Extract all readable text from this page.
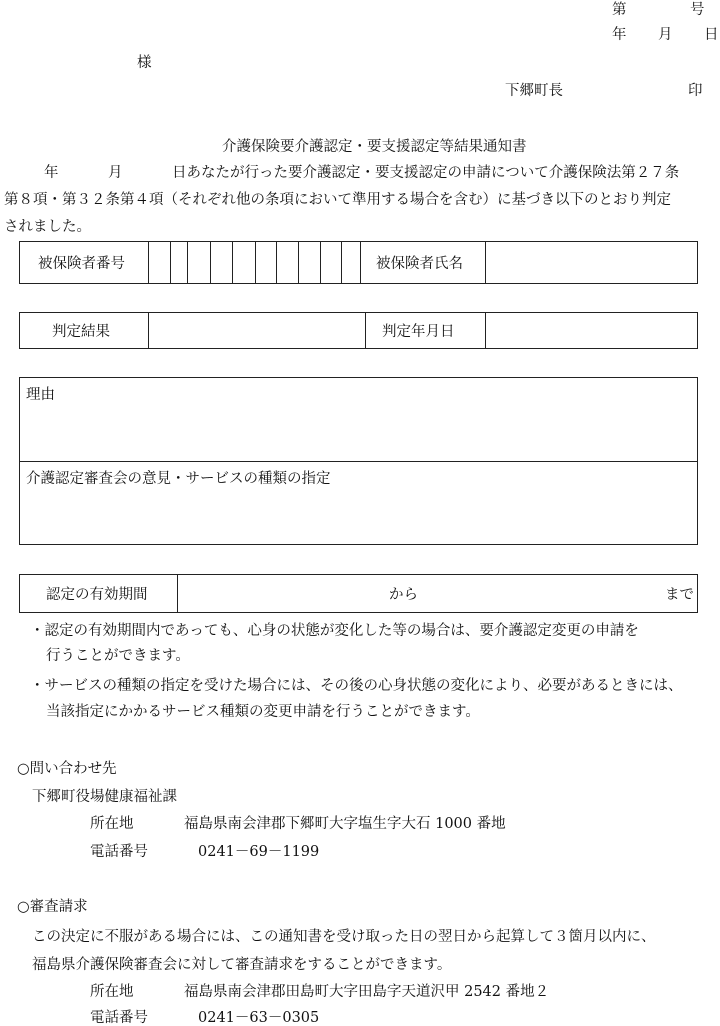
第	号
年 月 日
様
下郷町長	印
介護保険要介護認定・要支援認定等結果通知書
年	月	日あなたが行った要介護認定・要支援認定の申請について介護保険法第２７条
第８項・第３２条第４項（それぞれ他の条項において準用する場合を含む）に基づき以下のとおり判定
されました。
被保険者番号	被保険者氏名
判定結果	判定年月日
理由
介護認定審査会の意見・サービスの種類の指定
認定の有効期間	から	まで
・認定の有効期間内であっても、心身の状態が変化した等の場合は、要介護認定変更の申請を
行うことができます。
・サービスの種類の指定を受けた場合には、その後の心身状態の変化により、必要があるときには、
当該指定にかかるサービス種類の変更申請を行うことができます。
○問い合わせ先
下郷町役場健康福祉課
所在地	福島県南会津郡下郷町大字塩生字大石 1000 番地
電話番号	0241－69－1199
○審査請求
この決定に不服がある場合には、この通知書を受け取った日の翌日から起算して３箇月以内に、
福島県介護保険審査会に対して審査請求をすることができます。
所在地	福島県南会津郡田島町大字田島字天道沢甲 2542 番地２
電話番号	0241－63－0305
